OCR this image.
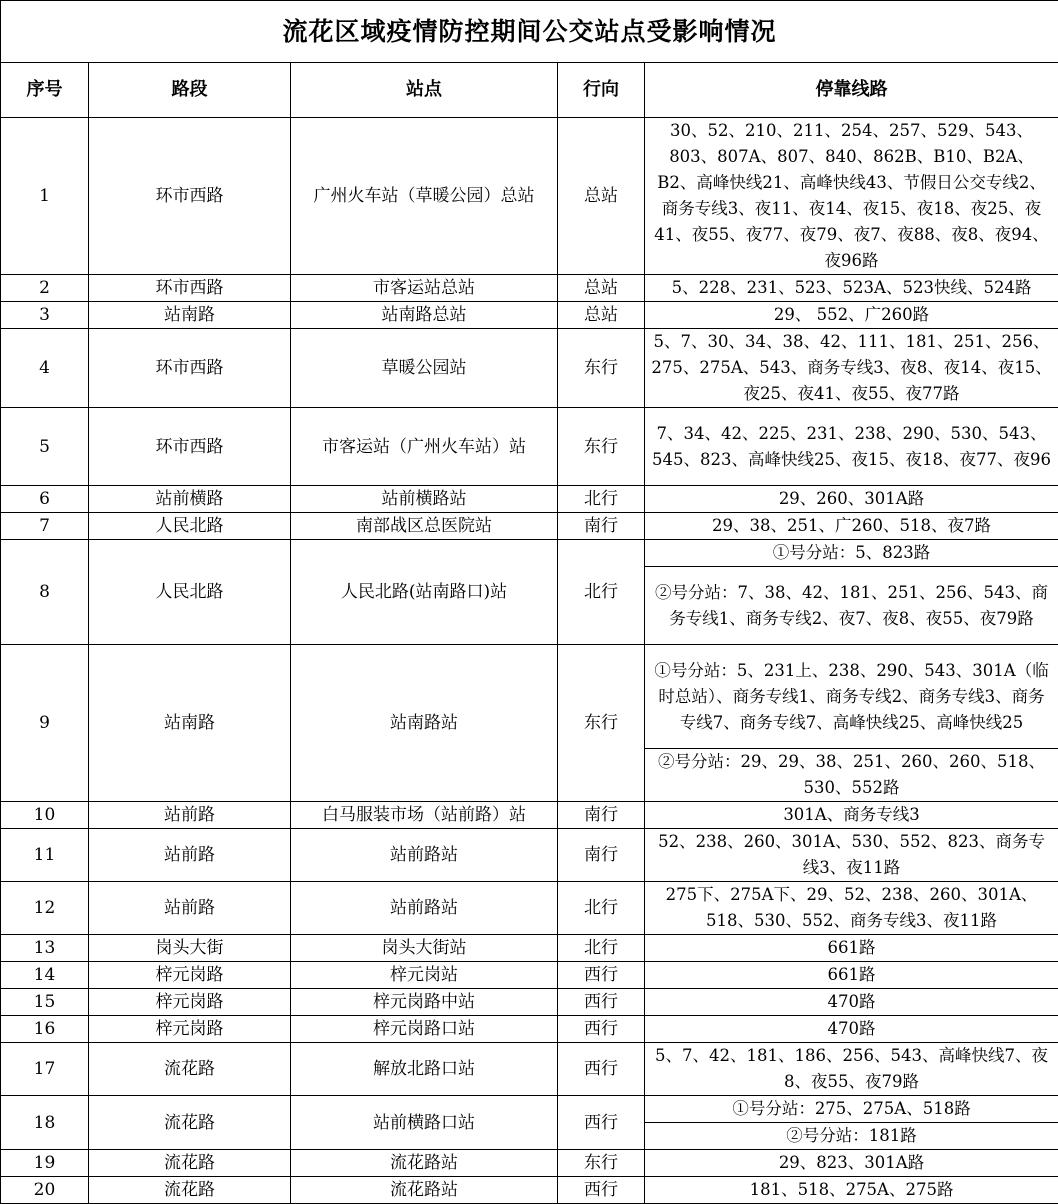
流花区域疫情防控期间公交站点受影响情况				
序号	路段	站点	行向	停靠线路
1	环市西路	广州火车站（草暖公园）总站	总站	30、52、210、211、254、257、529、543、803、807A、807、840、862B、B10、B2A、B2、高峰快线21、高峰快线43、节假日公交专线2、商务专线3、夜11、夜14、夜15、夜18、夜25、夜41、夜55、夜77、夜79、夜7、夜88、夜8、夜94、夜96路
2	环市西路	市客运站总站	总站	5、228、231、523、523A、523快线、524路
3	站南路	站南路总站	总站	29、 552、广260路
4	环市西路	草暖公园站	东行	5、7、30、34、38、42、111、181、251、256、275、275A、543、商务专线3、夜8、夜14、夜15、夜25、夜41、夜55、夜77路
5	环市西路	市客运站（广州火车站）站	东行	7、34、42、225、231、238、290、530、543、545、823、高峰快线25、夜15、夜18、夜77、夜96
6	站前横路	站前横路站	北行	29、260、301A路
7	人民北路	南部战区总医院站	南行	29、38、251、广260、518、夜7路
8	人民北路	人民北路(站南路口)站	北行	①号分站：5、823路
				②号分站：7、38、42、181、251、256、543、商务专线1、商务专线2、夜7、夜8、夜55、夜79路
9	站南路	站南路站	东行	①号分站：5、231上、238、290、543、301A（临时总站）、商务专线1、商务专线2、商务专线3、商务专线7、商务专线7、高峰快线25、高峰快线25
				②号分站：29、29、38、251、260、260、518、530、552路
10	站前路	白马服装市场（站前路）站	南行	301A、商务专线3
11	站前路	站前路站	南行	52、238、260、301A、530、552、823、商务专线3、夜11路
12	站前路	站前路站	北行	275下、275A下、29、52、238、260、301A、518、530、552、商务专线3、夜11路
13	岗头大街	岗头大街站	北行	661路
14	梓元岗路	梓元岗站	西行	661路
15	梓元岗路	梓元岗路中站	西行	470路
16	梓元岗路	梓元岗路口站	西行	470路
17	流花路	解放北路口站	西行	5、7、42、181、186、256、543、高峰快线7、夜8、夜55、夜79路
18	流花路	站前横路口站	西行	①号分站：275、275A、518路
				②号分站：181路
19	流花路	流花路站	东行	29、823、301A路
20	流花路	流花路站	西行	181、518、275A、275路
